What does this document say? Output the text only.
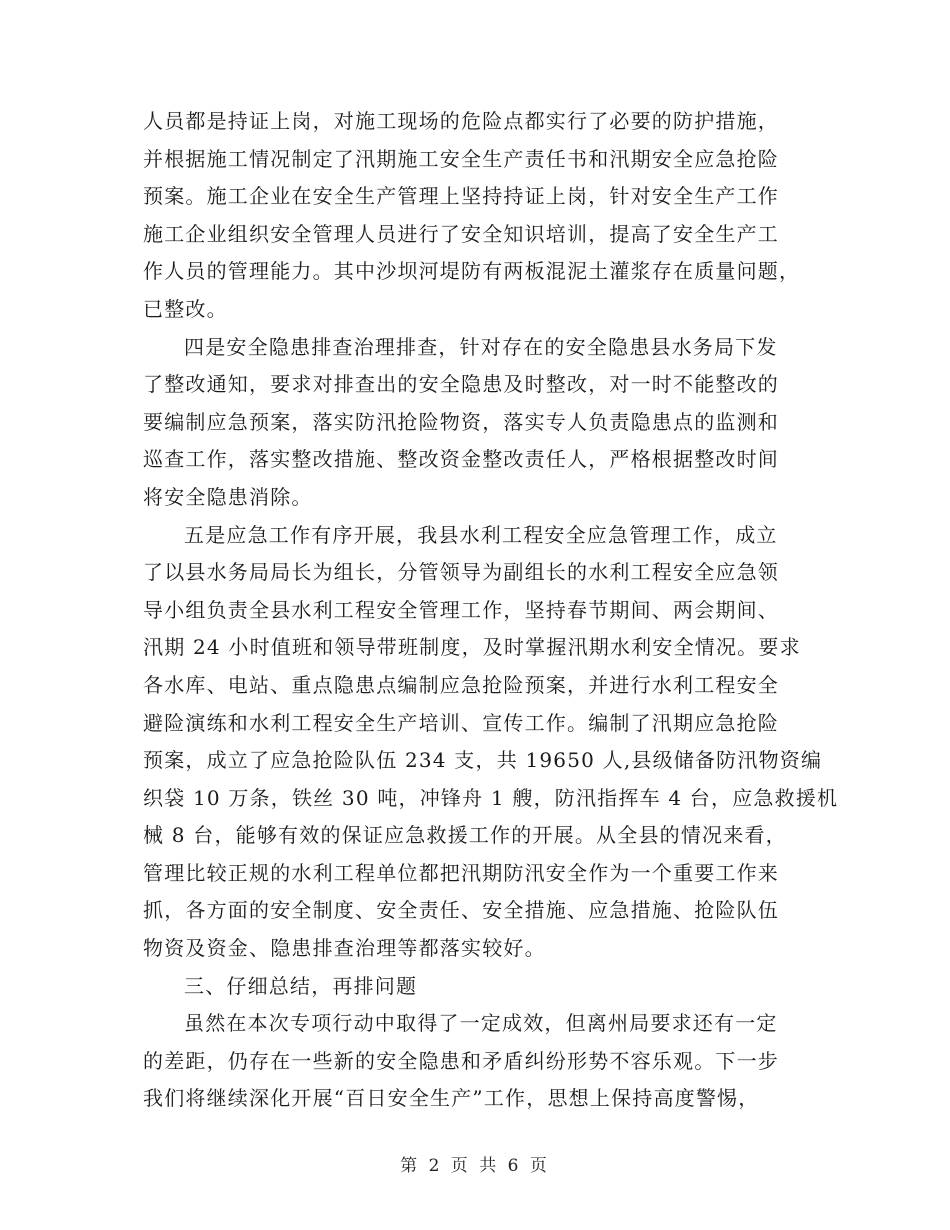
人员都是持证上岗，对施工现场的危险点都实行了必要的防护措施，
并根据施工情况制定了汛期施工安全生产责任书和汛期安全应急抢险
预案。施工企业在安全生产管理上坚持持证上岗，针对安全生产工作
施工企业组织安全管理人员进行了安全知识培训，提高了安全生产工
作人员的管理能力。其中沙坝河堤防有两板混泥土灌浆存在质量问题，
已整改。
四是安全隐患排查治理排查，针对存在的安全隐患县水务局下发
了整改通知，要求对排查出的安全隐患及时整改，对一时不能整改的
要编制应急预案，落实防汛抢险物资，落实专人负责隐患点的监测和
巡查工作，落实整改措施、整改资金整改责任人，严格根据整改时间
将安全隐患消除。
五是应急工作有序开展，我县水利工程安全应急管理工作，成立
了以县水务局局长为组长，分管领导为副组长的水利工程安全应急领
导小组负责全县水利工程安全管理工作，坚持春节期间、两会期间、
汛期 24 小时值班和领导带班制度，及时掌握汛期水利安全情况。要求
各水库、电站、重点隐患点编制应急抢险预案，并进行水利工程安全
避险演练和水利工程安全生产培训、宣传工作。编制了汛期应急抢险
预案，成立了应急抢险队伍 234 支，共 19650 人,县级储备防汛物资编
织袋 10 万条，铁丝 30 吨，冲锋舟 1 艘，防汛指挥车 4 台，应急救援机
械 8 台，能够有效的保证应急救援工作的开展。从全县的情况来看，
管理比较正规的水利工程单位都把汛期防汛安全作为一个重要工作来
抓，各方面的安全制度、安全责任、安全措施、应急措施、抢险队伍
物资及资金、隐患排查治理等都落实较好。
三、仔细总结，再排问题
虽然在本次专项行动中取得了一定成效，但离州局要求还有一定
的差距，仍存在一些新的安全隐患和矛盾纠纷形势不容乐观。下一步
我们将继续深化开展“百日安全生产”工作，思想上保持高度警惕，
第 2 页 共 6 页
